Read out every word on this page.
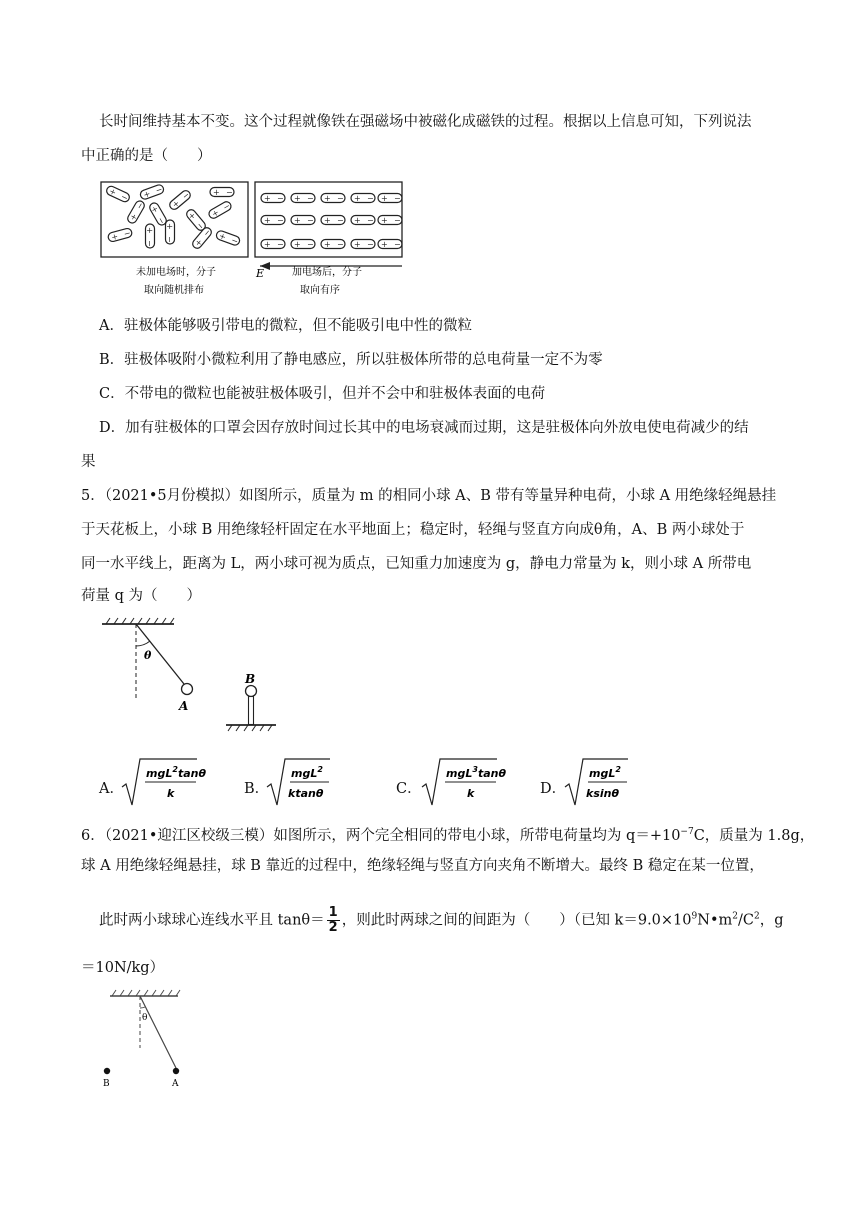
长时间维持基本不变。这个过程就像铁在强磁场中被磁化成磁铁的过程。根据以上信息可知，下列说法
中正确的是（　　）
+ − + −
+
−	+ −
+
−
+
−
+
−
+ − +
−
+
− +
− + −
+
−
+ − + − + − + − + −
+ − + − + − + − + −
+ − + − + − + − + −
E
未加电场时，分子
取向随机排布
加电场后，分子
取向有序
A．驻极体能够吸引带电的微粒，但不能吸引电中性的微粒
B．驻极体吸附小微粒利用了静电感应，所以驻极体所带的总电荷量一定不为零
C．不带电的微粒也能被驻极体吸引，但并不会中和驻极体表面的电荷
D．加有驻极体的口罩会因存放时间过长其中的电场衰减而过期，这是驻极体向外放电使电荷减少的结
果
5．（2021•5月份模拟）如图所示，质量为 m 的相同小球 A、B 带有等量异种电荷，小球 A 用绝缘轻绳悬挂
于天花板上，小球 B 用绝缘轻杆固定在水平地面上；稳定时，轻绳与竖直方向成θ角，A、B 两小球处于
同一水平线上，距离为 L，两小球可视为质点，已知重力加速度为 g，静电力常量为 k，则小球 A 所带电
荷量 q 为（　　）
θ
A
B
A．
mgL$^2$tanθ
k	B．
mgL$^2$
ktanθ	C．
mgL$^3$tanθ
k	D．
mgL$^2$
ksinθ
6．（2021•迎江区校级三模）如图所示，两个完全相同的带电小球，所带电荷量均为 $q=+10^{-7}C$，质量为 1.8g，
球 A 用绝缘轻绳悬挂，球 B 靠近的过程中，绝缘轻绳与竖直方向夹角不断增大。最终 B 稳定在某一位置，
此时两小球球心连线水平且 $\tan\theta= \frac{1}{2}$ ，则此时两球之间的间距为（　　）（已知 $k=9.0\times 10^9N•m^2/C^2$，g
＝10N/kg）
θ
A
B
